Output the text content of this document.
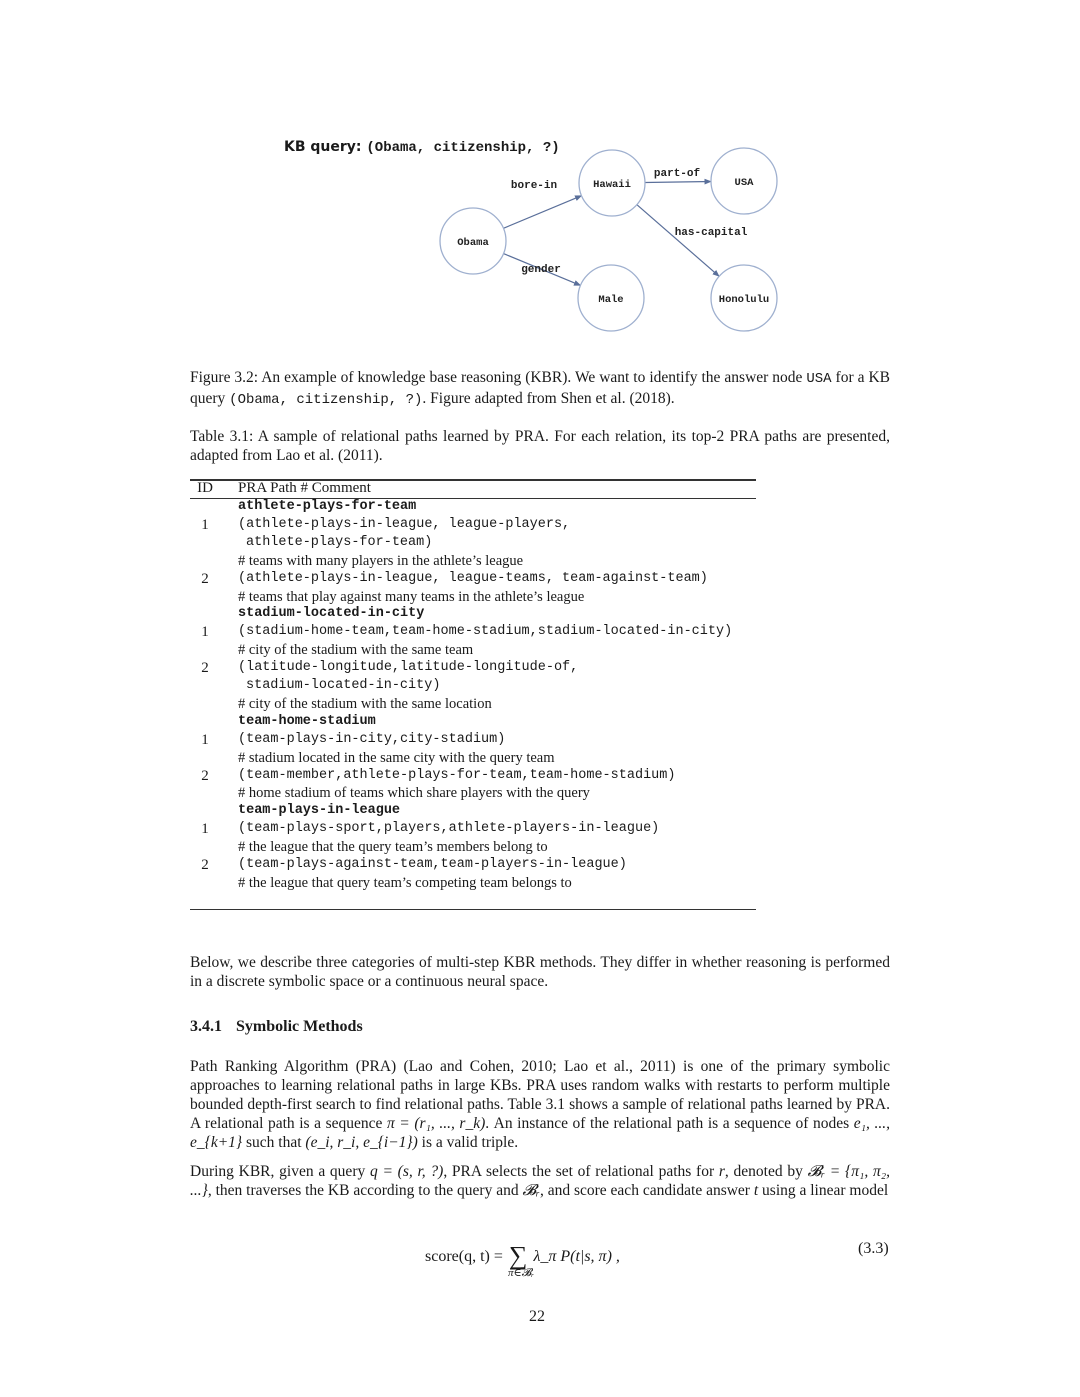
KB query: (Obama, citizenship, ?)
Obama
Hawaii	USA
Male	Honolulu
bore-in
gender
part-of
has-capital
Figure 3.2: An example of knowledge base reasoning (KBR). We want to identify the answer node USA for a KB query (Obama, citizenship, ?). Figure adapted from Shen et al. (2018).
Table 3.1: A sample of relational paths learned by PRA. For each relation, its top-2 PRA paths are presented, adapted from Lao et al. (2011).
ID	PRA Path # Comment
athlete-plays-for-team
1	(athlete-plays-in-league, league-players,
athlete-plays-for-team)
# teams with many players in the athlete’s league
2	(athlete-plays-in-league, league-teams, team-against-team)
# teams that play against many teams in the athlete’s league
stadium-located-in-city
1	(stadium-home-team,team-home-stadium,stadium-located-in-city)
# city of the stadium with the same team
2	(latitude-longitude,latitude-longitude-of,
stadium-located-in-city)
# city of the stadium with the same location
team-home-stadium
1	(team-plays-in-city,city-stadium)
# stadium located in the same city with the query team
2	(team-member,athlete-plays-for-team,team-home-stadium)
# home stadium of teams which share players with the query
team-plays-in-league
1	(team-plays-sport,players,athlete-players-in-league)
# the league that the query team’s members belong to
2	(team-plays-against-team,team-players-in-league)
# the league that query team’s competing team belongs to
Below, we describe three categories of multi-step KBR methods. They differ in whether reasoning is performed in a discrete symbolic space or a continuous neural space.
3.4.1 Symbolic Methods
Path Ranking Algorithm (PRA) (Lao and Cohen, 2010; Lao et al., 2011) is one of the primary symbolic approaches to learning relational paths in large KBs. PRA uses random walks with restarts to perform multiple bounded depth-first search to find relational paths. Table 3.1 shows a sample of relational paths learned by PRA. A relational path is a sequence π = (r₁, ..., r_k). An instance of the relational path is a sequence of nodes e₁, ..., e_{k+1} such that (e_i, r_i, e_{i−1}) is a valid triple.
During KBR, given a query q = (s, r, ?), PRA selects the set of relational paths for r, denoted by 𝓑ᵣ = {π₁, π₂, ...}, then traverses the KB according to the query and 𝓑ᵣ, and score each candidate answer t using a linear model
score(q, t) = ∑ λ_π P(t|s, π) ,
π∈𝓑ᵣ
(3.3)
22
